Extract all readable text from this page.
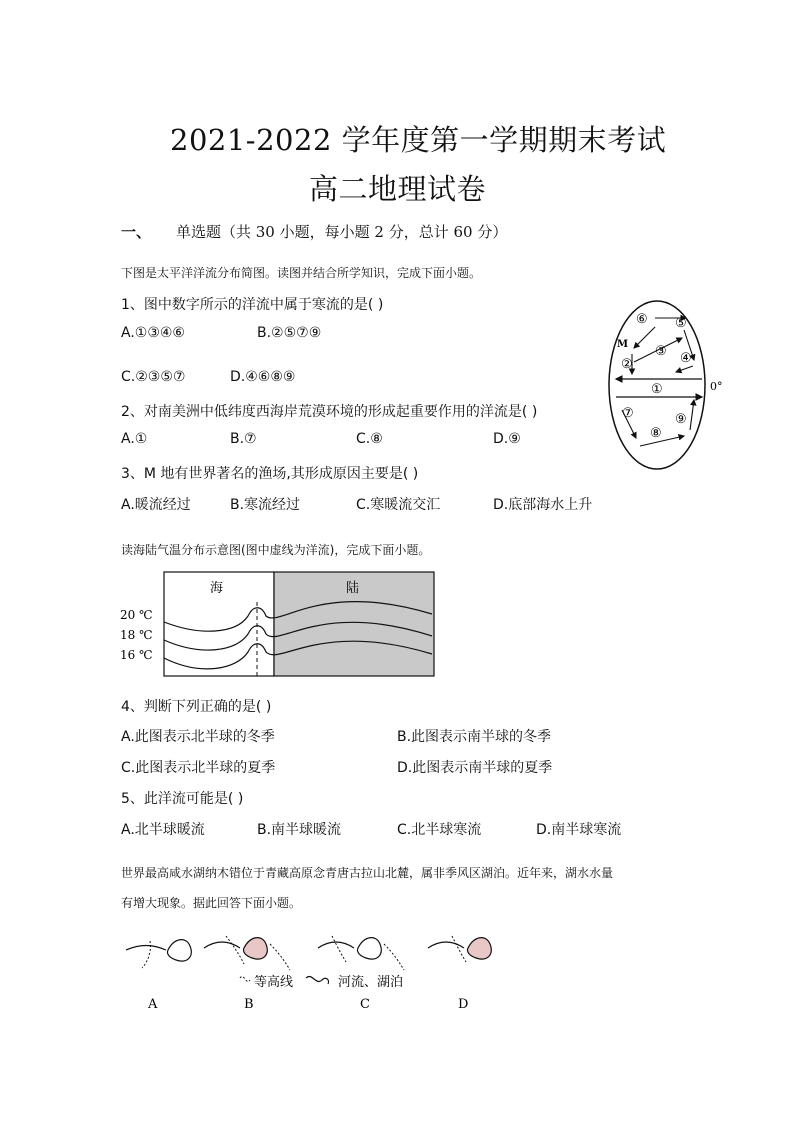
2021-2022 学年度第一学期期末考试
高二地理试卷
一、 单选题（共 30 小题，每小题 2 分，总计 60 分）
下图是太平洋洋流分布简图。读图并结合所学知识，完成下面小题。
1、图中数字所示的洋流中属于寒流的是( )
A.①③④⑥	B.②⑤⑦⑨
C.②③⑤⑦	D.④⑥⑧⑨
2、对南美洲中低纬度西海岸荒漠环境的形成起重要作用的洋流是( )
A.①	B.⑦	C.⑧	D.⑨
3、M 地有世界著名的渔场,其形成原因主要是( )
A.暖流经过	B.寒流经过	C.寒暖流交汇	D.底部海水上升
⑥ ⑤
M ③
②	④
①	0°
⑦	⑨
⑧
读海陆气温分布示意图(图中虚线为洋流)，完成下面小题。
海	陆
20 ℃
18 ℃
16 ℃
4、判断下列正确的是( )
A.此图表示北半球的冬季	B.此图表示南半球的冬季
C.此图表示北半球的夏季	D.此图表示南半球的夏季
5、此洋流可能是( )
A.北半球暖流	B.南半球暖流	C.北半球寒流	D.南半球寒流
世界最高咸水湖纳木错位于青藏高原念青唐古拉山北麓，属非季风区湖泊。近年来，湖水水量
有增大现象。据此回答下面小题。
等高线	河流、湖泊
A	B	C	D
